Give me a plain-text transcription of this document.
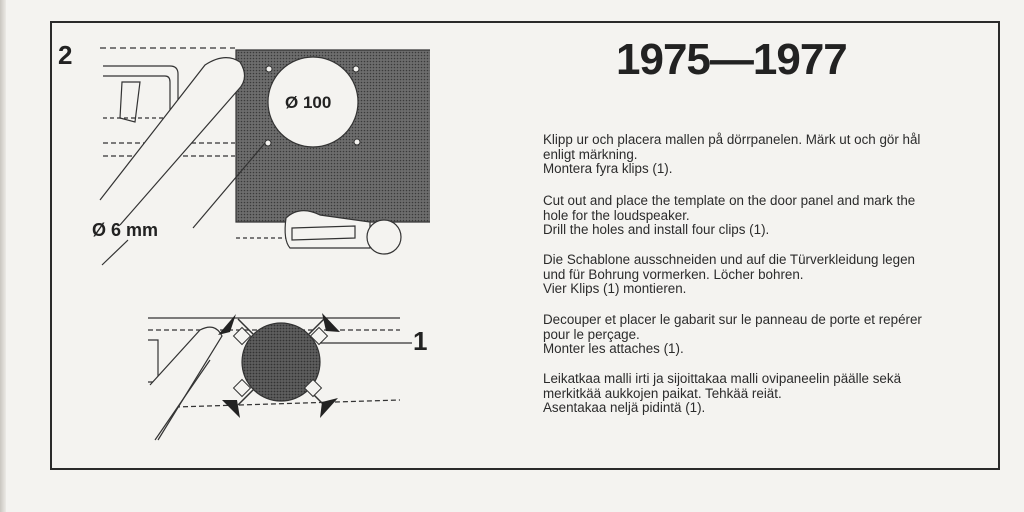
2	1975—1977
Ø 100
Ø 6 mm
1
Klipp ur och placera mallen på dörrpanelen. Märk ut och gör hål
enligt märkning.
Montera fyra klips (1).
Cut out and place the template on the door panel and mark the
hole for the loudspeaker.
Drill the holes and install four clips (1).
Die Schablone ausschneiden und auf die Türverkleidung legen
und für Bohrung vormerken. Löcher bohren.
Vier Klips (1) montieren.
Decouper et placer le gabarit sur le panneau de porte et repérer
pour le perçage.
Monter les attaches (1).
Leikatkaa malli irti ja sijoittakaa malli ovipaneelin päälle sekä
merkitkää aukkojen paikat. Tehkää reiät.
Asentakaa neljä pidintä (1).
